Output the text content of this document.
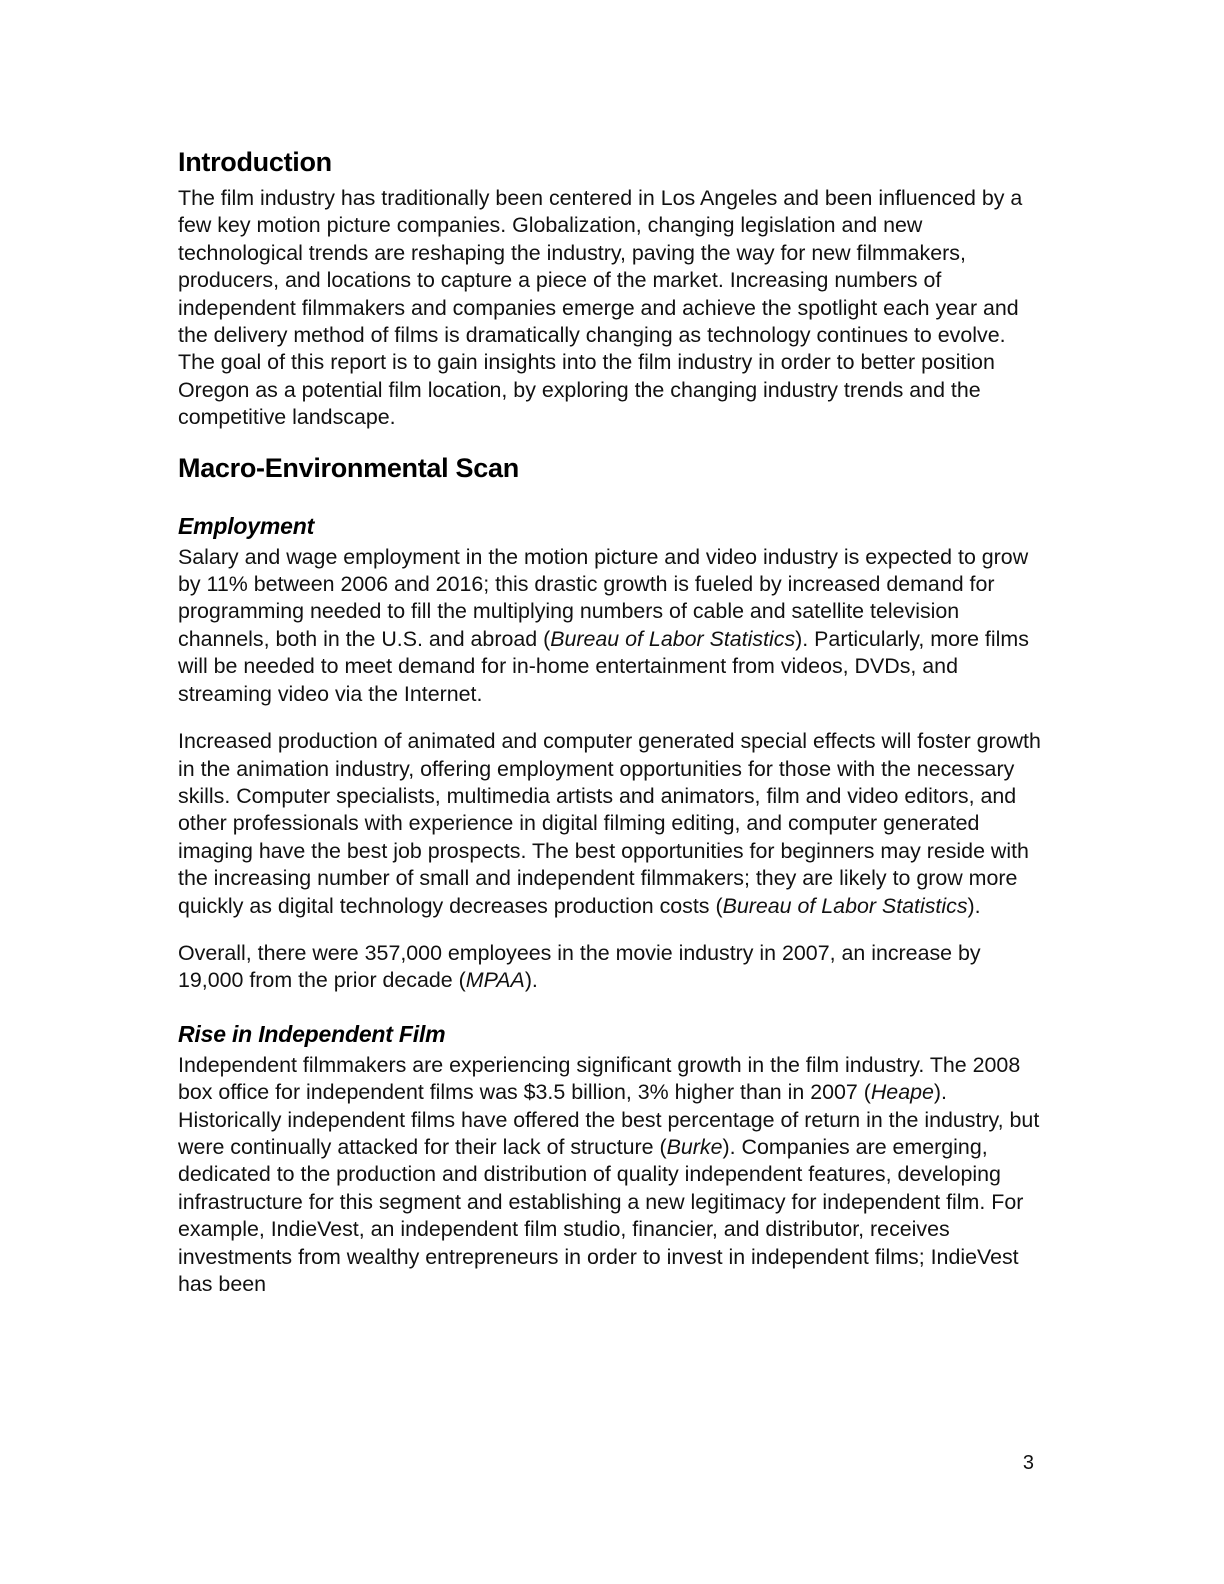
Introduction

The film industry has traditionally been centered in Los Angeles and been influenced by a few key motion picture companies. Globalization, changing legislation and new technological trends are reshaping the industry, paving the way for new filmmakers, producers, and locations to capture a piece of the market. Increasing numbers of independent filmmakers and companies emerge and achieve the spotlight each year and the delivery method of films is dramatically changing as technology continues to evolve. The goal of this report is to gain insights into the film industry in order to better position Oregon as a potential film location, by exploring the changing industry trends and the competitive landscape.

Macro-Environmental Scan
Employment

Salary and wage employment in the motion picture and video industry is expected to grow by 11% between 2006 and 2016; this drastic growth is fueled by increased demand for programming needed to fill the multiplying numbers of cable and satellite television channels, both in the U.S. and abroad (Bureau of Labor Statistics). Particularly, more films will be needed to meet demand for in-home entertainment from videos, DVDs, and streaming video via the Internet.

Increased production of animated and computer generated special effects will foster growth in the animation industry, offering employment opportunities for those with the necessary skills. Computer specialists, multimedia artists and animators, film and video editors, and other professionals with experience in digital filming editing, and computer generated imaging have the best job prospects. The best opportunities for beginners may reside with the increasing number of small and independent filmmakers; they are likely to grow more quickly as digital technology decreases production costs (Bureau of Labor Statistics).

Overall, there were 357,000 employees in the movie industry in 2007, an increase by 19,000 from the prior decade (MPAA).

Rise in Independent Film

Independent filmmakers are experiencing significant growth in the film industry. The 2008 box office for independent films was $3.5 billion, 3% higher than in 2007 (Heape). Historically independent films have offered the best percentage of return in the industry, but were continually attacked for their lack of structure (Burke). Companies are emerging, dedicated to the production and distribution of quality independent features, developing infrastructure for this segment and establishing a new legitimacy for independent film. For example, IndieVest, an independent film studio, financier, and distributor, receives investments from wealthy entrepreneurs in order to invest in independent films; IndieVest has been

3
